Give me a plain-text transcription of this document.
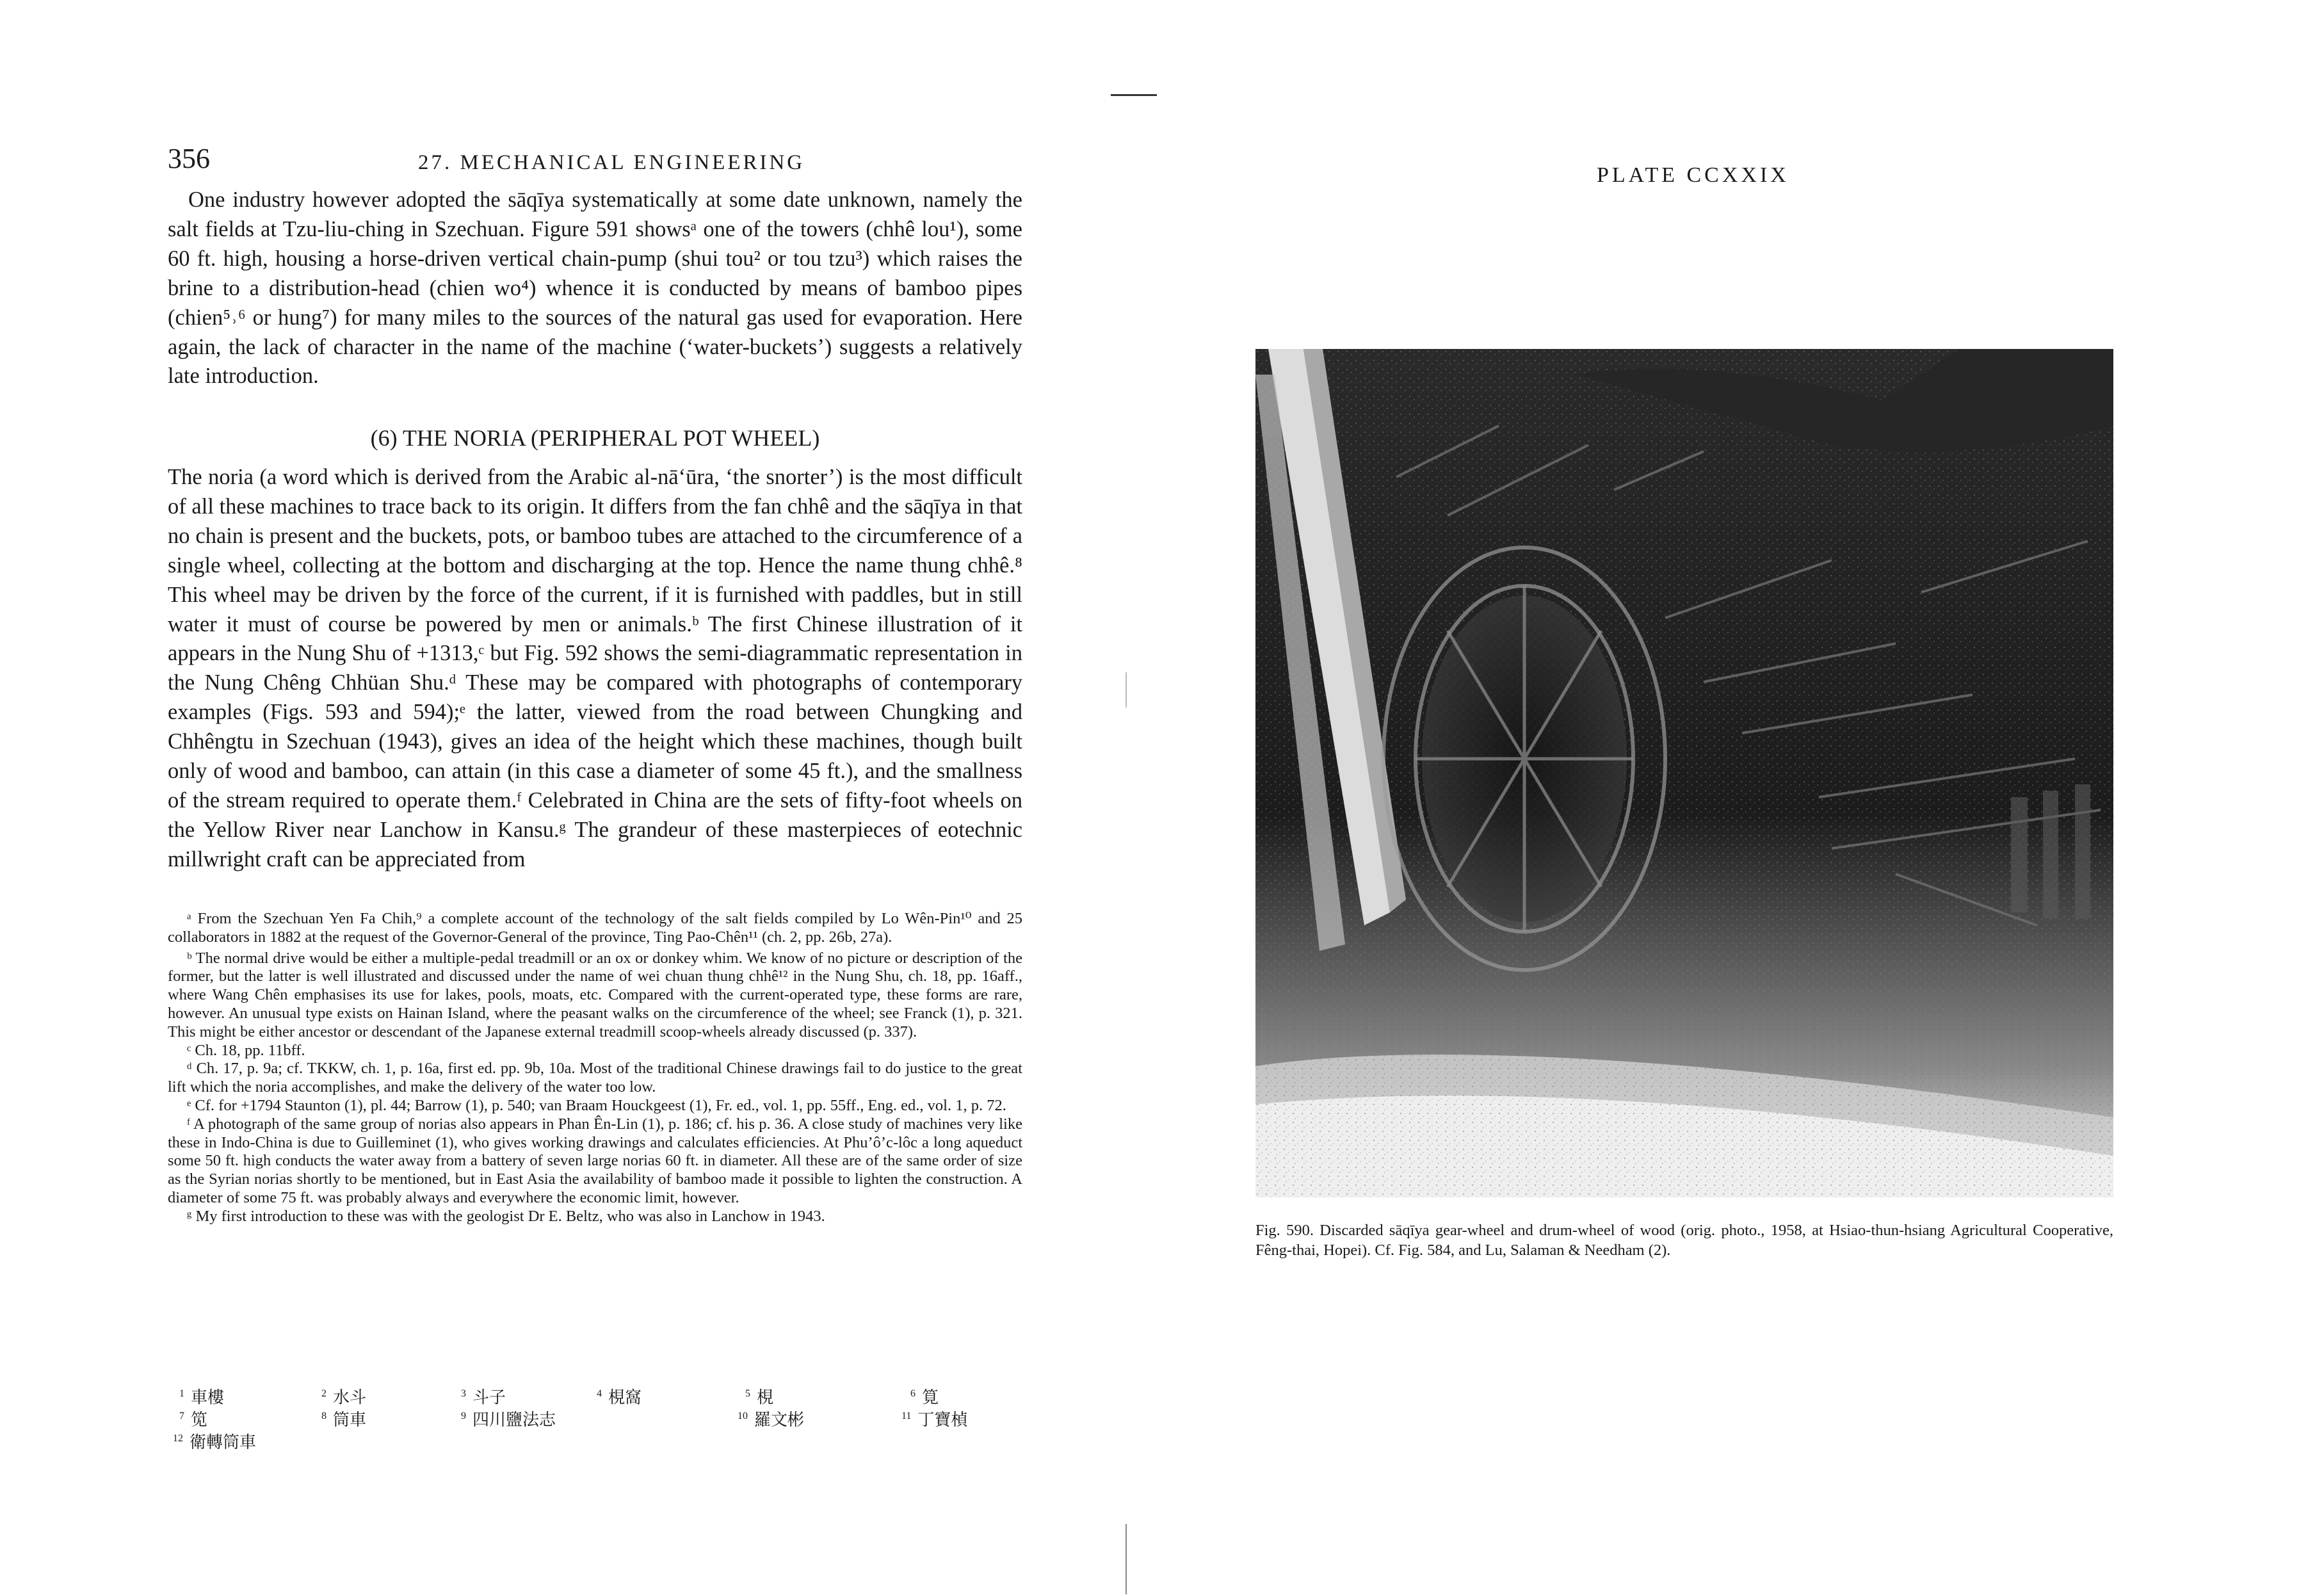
356	27. MECHANICAL ENGINEERING
One industry however adopted the sāqīya systematically at some date unknown, namely the salt fields at Tzu-liu-ching in Szechuan. Figure 591 showsᵃ one of the towers (chhê lou¹), some 60 ft. high, housing a horse-driven vertical chain-pump (shui tou² or tou tzu³) which raises the brine to a distribution-head (chien wo⁴) whence it is conducted by means of bamboo pipes (chien⁵˒⁶ or hung⁷) for many miles to the sources of the natural gas used for evaporation. Here again, the lack of character in the name of the machine (‘water-buckets’) suggests a relatively late introduction.
(6) THE NORIA (PERIPHERAL POT WHEEL)
The noria (a word which is derived from the Arabic al-nā‘ūra, ‘the snorter’) is the most difficult of all these machines to trace back to its origin. It differs from the fan chhê and the sāqīya in that no chain is present and the buckets, pots, or bamboo tubes are attached to the circumference of a single wheel, collecting at the bottom and discharging at the top. Hence the name thung chhê.⁸ This wheel may be driven by the force of the current, if it is furnished with paddles, but in still water it must of course be powered by men or animals.ᵇ The first Chinese illustration of it appears in the Nung Shu of +1313,ᶜ but Fig. 592 shows the semi-diagrammatic representation in the Nung Chêng Chhüan Shu.ᵈ These may be compared with photographs of contemporary examples (Figs. 593 and 594);ᵉ the latter, viewed from the road between Chungking and Chhêngtu in Szechuan (1943), gives an idea of the height which these machines, though built only of wood and bamboo, can attain (in this case a diameter of some 45 ft.), and the smallness of the stream required to operate them.ᶠ Celebrated in China are the sets of fifty-foot wheels on the Yellow River near Lanchow in Kansu.ᵍ The grandeur of these masterpieces of eotechnic millwright craft can be appreciated from

ᵃ From the Szechuan Yen Fa Chih,⁹ a complete account of the technology of the salt fields compiled by Lo Wên-Pin¹⁰ and 25 collaborators in 1882 at the request of the Governor-General of the province, Ting Pao-Chên¹¹ (ch. 2, pp. 26b, 27a).

ᵇ The normal drive would be either a multiple-pedal treadmill or an ox or donkey whim. We know of no picture or description of the former, but the latter is well illustrated and discussed under the name of wei chuan thung chhê¹² in the Nung Shu, ch. 18, pp. 16aff., where Wang Chên emphasises its use for lakes, pools, moats, etc. Compared with the current-operated type, these forms are rare, however. An unusual type exists on Hainan Island, where the peasant walks on the circumference of the wheel; see Franck (1), p. 321. This might be either ancestor or descendant of the Japanese external treadmill scoop-wheels already discussed (p. 337).

ᶜ Ch. 18, pp. 11bff.

ᵈ Ch. 17, p. 9a; cf. TKKW, ch. 1, p. 16a, first ed. pp. 9b, 10a. Most of the traditional Chinese drawings fail to do justice to the great lift which the noria accomplishes, and make the delivery of the water too low.

ᵉ Cf. for +1794 Staunton (1), pl. 44; Barrow (1), p. 540; van Braam Houckgeest (1), Fr. ed., vol. 1, pp. 55ff., Eng. ed., vol. 1, p. 72.

ᶠ A photograph of the same group of norias also appears in Phan Ên-Lin (1), p. 186; cf. his p. 36. A close study of machines very like these in Indo-China is due to Guilleminet (1), who gives working drawings and calculates efficiencies. At Phu’ô’c-lôc a long aqueduct some 50 ft. high conducts the water away from a battery of seven large norias 60 ft. in diameter. All these are of the same order of size as the Syrian norias shortly to be mentioned, but in East Asia the availability of bamboo made it possible to lighten the construction. A diameter of some 75 ft. was probably always and everywhere the economic limit, however.

ᵍ My first introduction to these was with the geologist Dr E. Beltz, who was also in Lanchow in 1943.

$^1$ 車樓	$^2$ 水斗	$^3$ 斗子	$^4$ 梘窩	$^5$ 梘	$^6$ 筧
$^7$ 笕	$^8$ 筒車	$^9$ 四川鹽法志	$^{10}$ 羅文彬	$^{11}$ 丁寶楨
$^{12}$ 衛轉筒車
PLATE CCXXIX
Fig. 590. Discarded sāqīya gear-wheel and drum-wheel of wood (orig. photo., 1958, at Hsiao-thun-hsiang Agricultural Cooperative, Fêng-thai, Hopei). Cf. Fig. 584, and Lu, Salaman & Needham (2).
